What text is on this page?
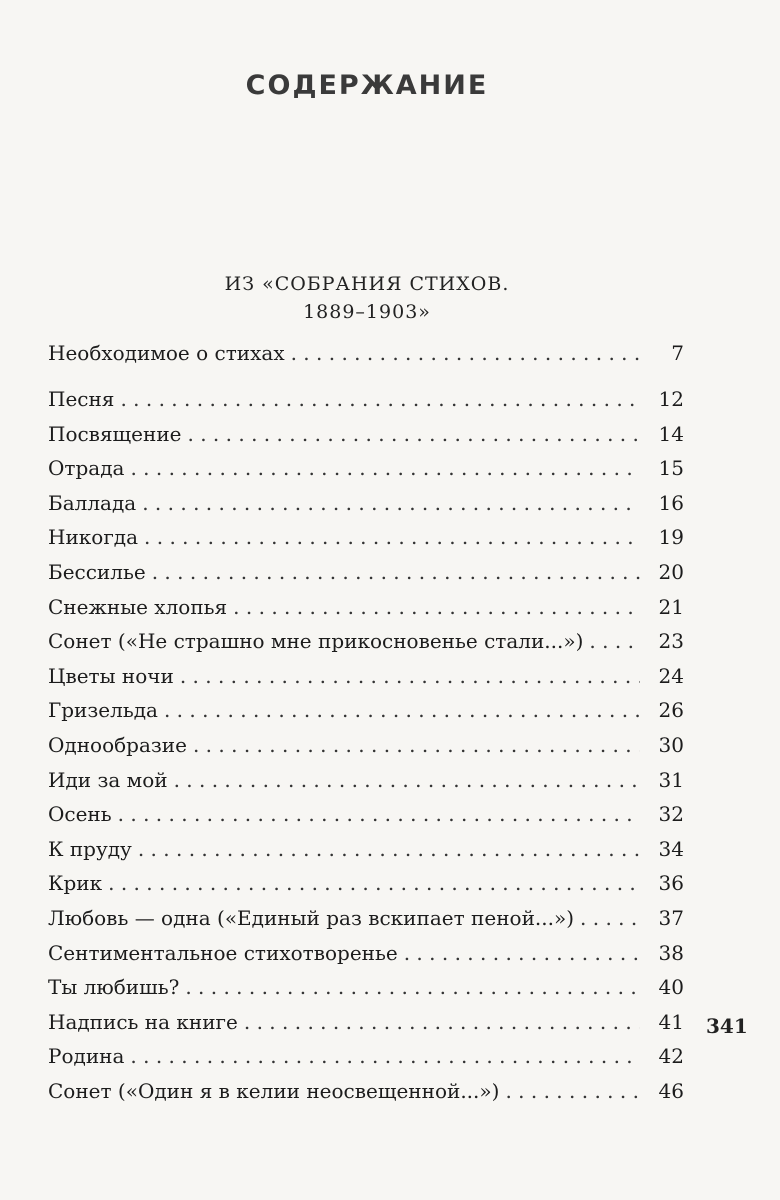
СОДЕРЖАНИЕ
ИЗ «СОБРАНИЯ СТИХОВ.
1889–1903»
Необходимое о стихах . . .	7
Песня . . .	12
Посвящение . . .	14
Отрада . . .	15
Баллада . . .	16
Никогда . . .	19
Бессилье . . .	20
Снежные хлопья . . .	21
Сонет («Не страшно мне прикосновенье стали...») . . .	23
Цветы ночи . . .	24
Гризельда . . .	26
Однообразие . . .	30
Иди за мой . . .	31
Осень . . .	32
К пруду . . .	34
Крик . . .	36
Любовь — одна («Единый раз вскипает пеной...») . . .	37
Сентиментальное стихотворенье . . .	38
Ты любишь? . . .	40
Надпись на книге . . .	41
Родина . . .	42
Сонет («Один я в келии неосвещенной...») . . .	46
341
